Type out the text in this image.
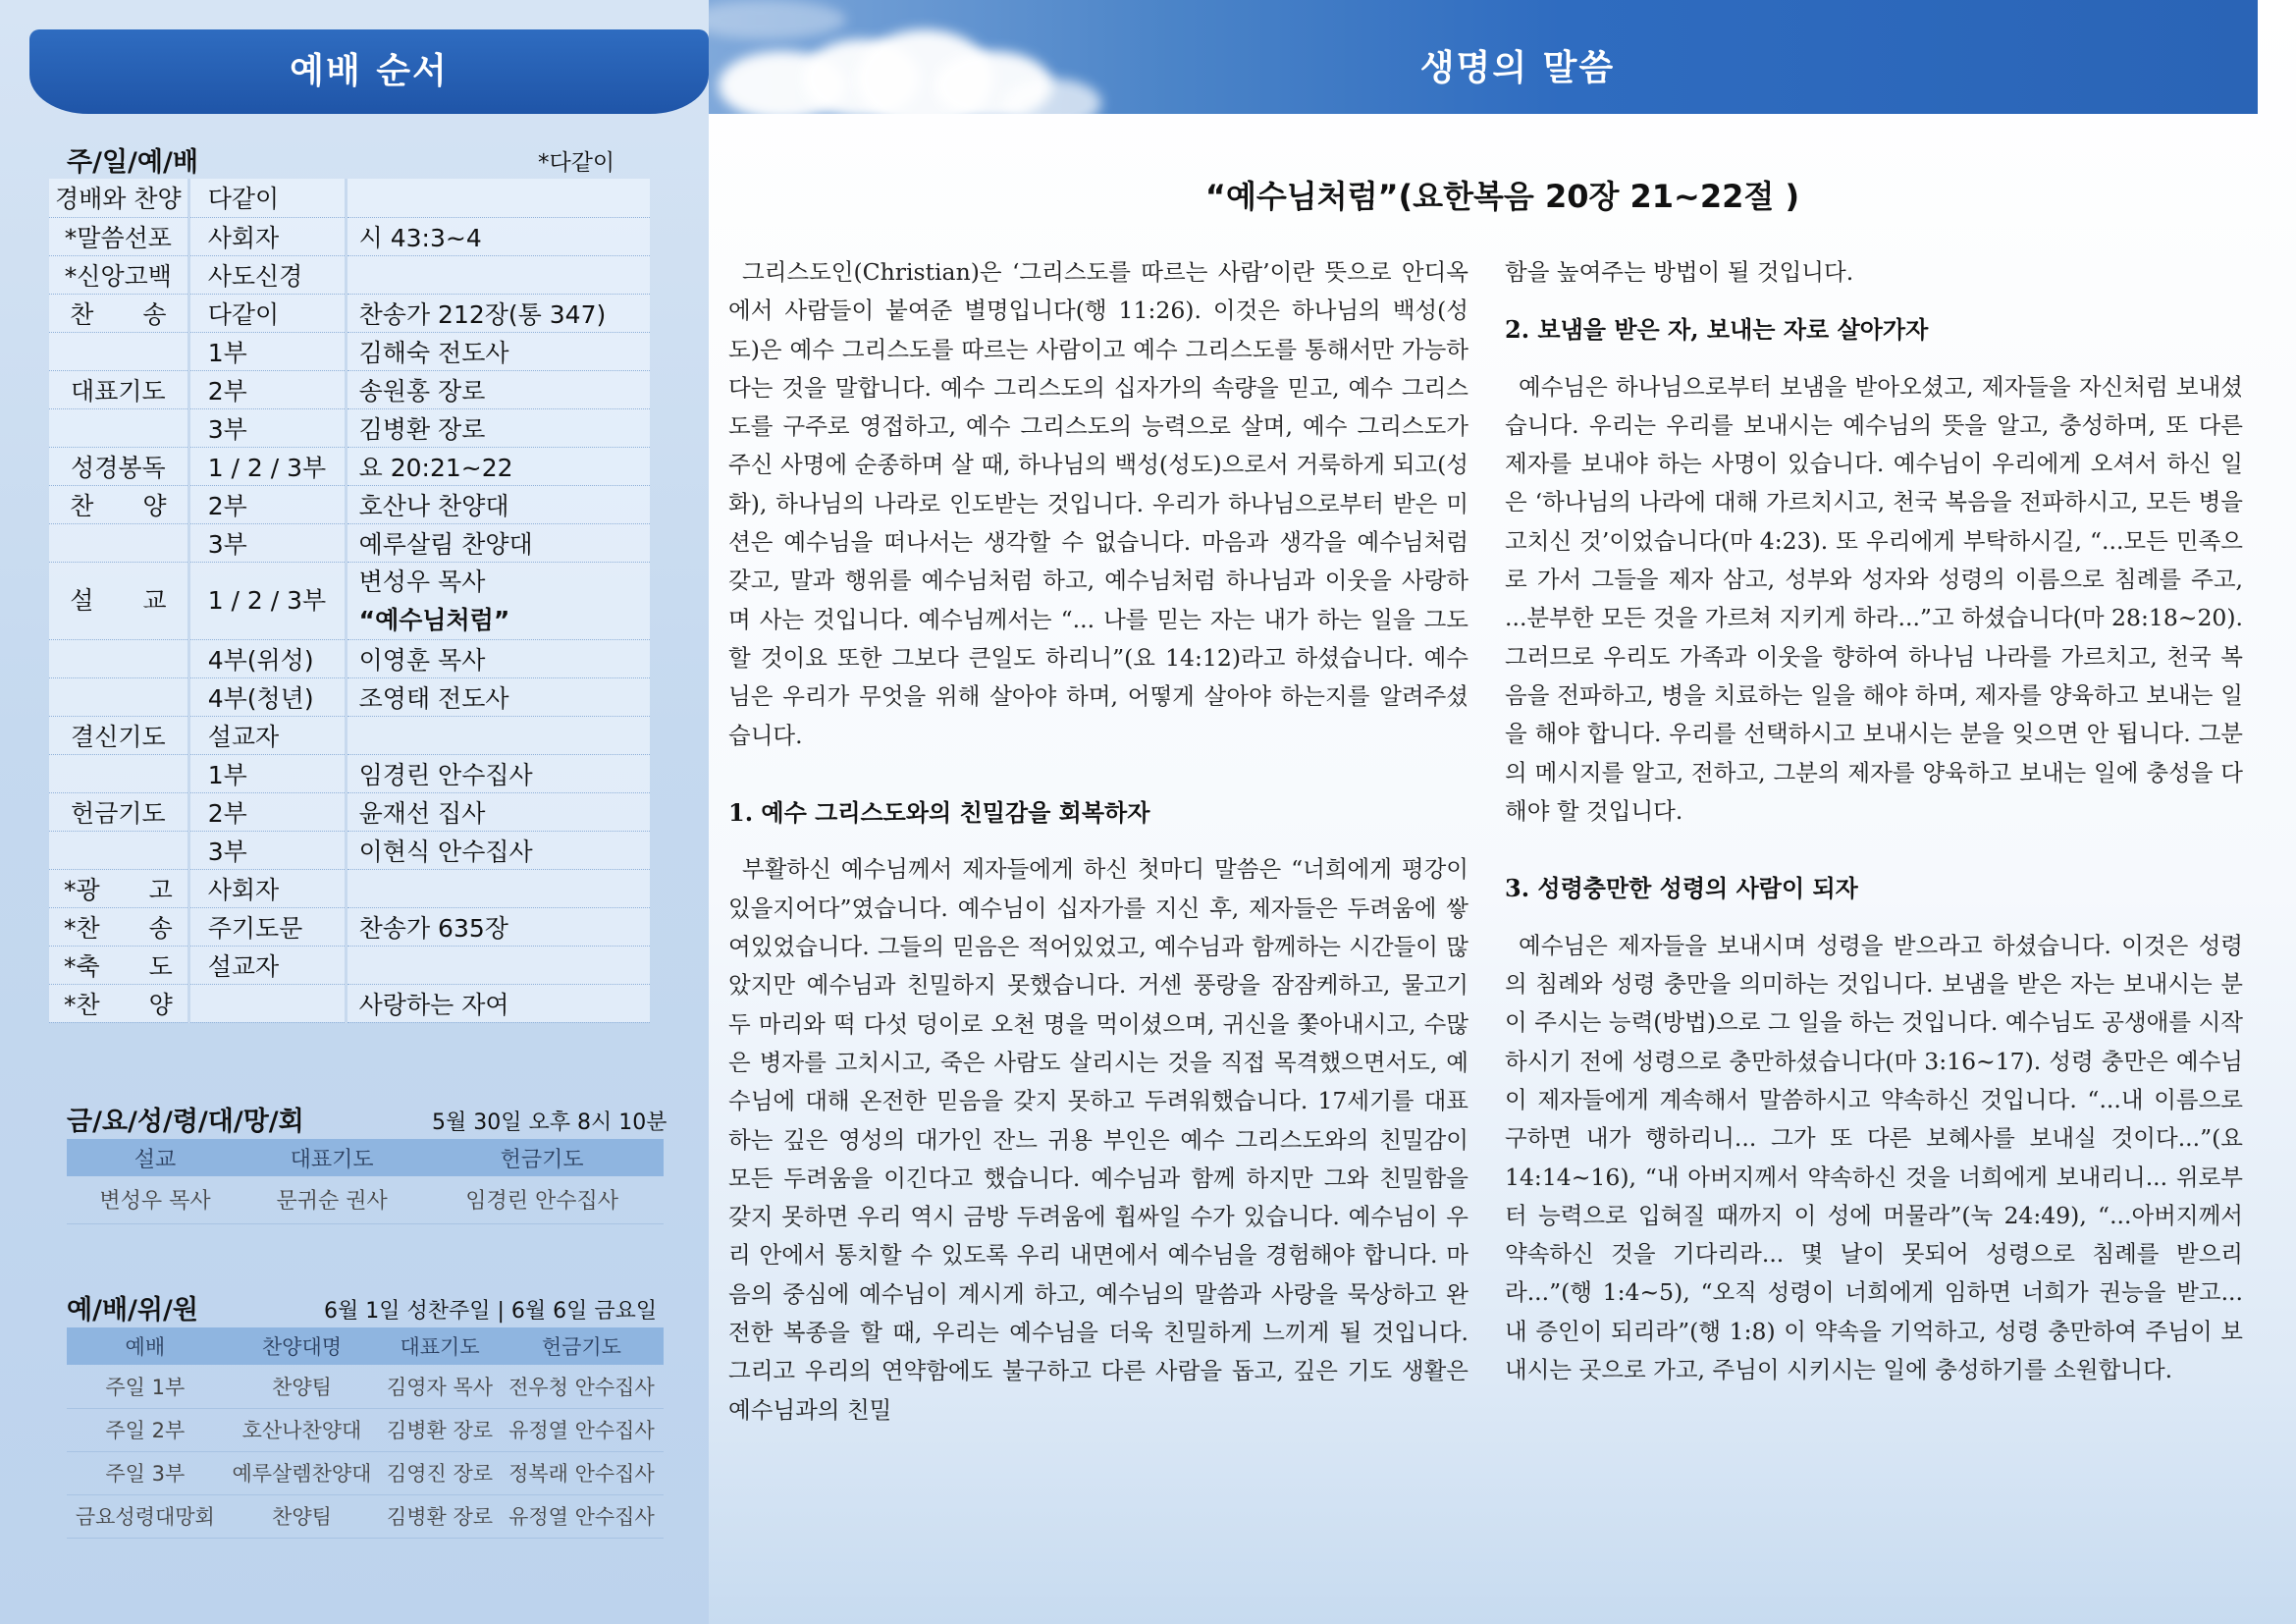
예배 순서
주/일/예/배	*다같이
경배와 찬양	다같이	
*말씀선포	사회자	시 43:3~4
*신앙고백	사도신경	
찬　　송	다같이	찬송가 212장(통 347)
	1부	김해숙 전도사
대표기도	2부	송원홍 장로
	3부	김병환 장로
성경봉독	1 / 2 / 3부	요 20:21~22
찬　　양	2부	호산나 찬양대
	3부	예루살림 찬양대
설　　교	1 / 2 / 3부	변성우 목사
“예수님처럼”

	4부(위성)	이영훈 목사
	4부(청년)	조영태 전도사
결신기도	설교자	
	1부	임경린 안수집사
헌금기도	2부	윤재선 집사
	3부	이현식 안수집사
*광　　고	사회자	
*찬　　송	주기도문	찬송가 635장
*축　　도	설교자	
*찬　　양		사랑하는 자여
금/요/성/령/대/망/회	5월 30일 오후 8시 10분
설교	대표기도	헌금기도
변성우 목사	문귀순 권사	임경린 안수집사
예/배/위/원	6월 1일 성찬주일 | 6월 6일 금요일
예배	찬양대명	대표기도	헌금기도
주일 1부	찬양팀	김영자 목사	전우청 안수집사
주일 2부	호산나찬양대	김병환 장로	유정열 안수집사
주일 3부	예루살렘찬양대	김영진 장로	정복래 안수집사
금요성령대망회	찬양팀	김병환 장로	유정열 안수집사
생명의 말씀
“예수님처럼”(요한복음 20장 21~22절 )

그리스도인(Christian)은 ‘그리스도를 따르는 사람’이란 뜻으로 안디옥에서 사람들이 붙여준 별명입니다(행 11:26). 이것은 하나님의 백성(성도)은 예수 그리스도를 따르는 사람이고 예수 그리스도를 통해서만 가능하다는 것을 말합니다. 예수 그리스도의 십자가의 속량을 믿고, 예수 그리스도를 구주로 영접하고, 예수 그리스도의 능력으로 살며, 예수 그리스도가 주신 사명에 순종하며 살 때, 하나님의 백성(성도)으로서 거룩하게 되고(성화), 하나님의 나라로 인도받는 것입니다. 우리가 하나님으로부터 받은 미션은 예수님을 떠나서는 생각할 수 없습니다. 마음과 생각을 예수님처럼 갖고, 말과 행위를 예수님처럼 하고, 예수님처럼 하나님과 이웃을 사랑하며 사는 것입니다. 예수님께서는 “... 나를 믿는 자는 내가 하는 일을 그도 할 것이요 또한 그보다 큰일도 하리니”(요 14:12)라고 하셨습니다. 예수님은 우리가 무엇을 위해 살아야 하며, 어떻게 살아야 하는지를 알려주셨습니다.

1. 예수 그리스도와의 친밀감을 회복하자

부활하신 예수님께서 제자들에게 하신 첫마디 말씀은 “너희에게 평강이 있을지어다”였습니다. 예수님이 십자가를 지신 후, 제자들은 두려움에 쌓여있었습니다. 그들의 믿음은 적어있었고, 예수님과 함께하는 시간들이 많았지만 예수님과 친밀하지 못했습니다. 거센 풍랑을 잠잠케하고, 물고기 두 마리와 떡 다섯 덩이로 오천 명을 먹이셨으며, 귀신을 쫓아내시고, 수많은 병자를 고치시고, 죽은 사람도 살리시는 것을 직접 목격했으면서도, 예수님에 대해 온전한 믿음을 갖지 못하고 두려워했습니다. 17세기를 대표하는 깊은 영성의 대가인 잔느 귀용 부인은 예수 그리스도와의 친밀감이 모든 두려움을 이긴다고 했습니다. 예수님과 함께 하지만 그와 친밀함을 갖지 못하면 우리 역시 금방 두려움에 휩싸일 수가 있습니다. 예수님이 우리 안에서 통치할 수 있도록 우리 내면에서 예수님을 경험해야 합니다. 마음의 중심에 예수님이 계시게 하고, 예수님의 말씀과 사랑을 묵상하고 완전한 복종을 할 때, 우리는 예수님을 더욱 친밀하게 느끼게 될 것입니다. 그리고 우리의 연약함에도 불구하고 다른 사람을 돕고, 깊은 기도 생활은 예수님과의 친밀

함을 높여주는 방법이 될 것입니다.

2. 보냄을 받은 자, 보내는 자로 살아가자

예수님은 하나님으로부터 보냄을 받아오셨고, 제자들을 자신처럼 보내셨습니다. 우리는 우리를 보내시는 예수님의 뜻을 알고, 충성하며, 또 다른 제자를 보내야 하는 사명이 있습니다. 예수님이 우리에게 오셔서 하신 일은 ‘하나님의 나라에 대해 가르치시고, 천국 복음을 전파하시고, 모든 병을 고치신 것’이었습니다(마 4:23). 또 우리에게 부탁하시길, “...모든 민족으로 가서 그들을 제자 삼고, 성부와 성자와 성령의 이름으로 침례를 주고, ...분부한 모든 것을 가르쳐 지키게 하라...”고 하셨습니다(마 28:18~20). 그러므로 우리도 가족과 이웃을 향하여 하나님 나라를 가르치고, 천국 복음을 전파하고, 병을 치료하는 일을 해야 하며, 제자를 양육하고 보내는 일을 해야 합니다. 우리를 선택하시고 보내시는 분을 잊으면 안 됩니다. 그분의 메시지를 알고, 전하고, 그분의 제자를 양육하고 보내는 일에 충성을 다해야 할 것입니다.

3. 성령충만한 성령의 사람이 되자

예수님은 제자들을 보내시며 성령을 받으라고 하셨습니다. 이것은 성령의 침례와 성령 충만을 의미하는 것입니다. 보냄을 받은 자는 보내시는 분이 주시는 능력(방법)으로 그 일을 하는 것입니다. 예수님도 공생애를 시작하시기 전에 성령으로 충만하셨습니다(마 3:16~17). 성령 충만은 예수님이 제자들에게 계속해서 말씀하시고 약속하신 것입니다. “...내 이름으로 구하면 내가 행하리니... 그가 또 다른 보혜사를 보내실 것이다...”(요 14:14~16), “내 아버지께서 약속하신 것을 너희에게 보내리니... 위로부터 능력으로 입혀질 때까지 이 성에 머물라”(눅 24:49), “...아버지께서 약속하신 것을 기다리라... 몇 날이 못되어 성령으로 침례를 받으리라...”(행 1:4~5), “오직 성령이 너희에게 임하면 너희가 권능을 받고... 내 증인이 되리라”(행 1:8) 이 약속을 기억하고, 성령 충만하여 주님이 보내시는 곳으로 가고, 주님이 시키시는 일에 충성하기를 소원합니다.
